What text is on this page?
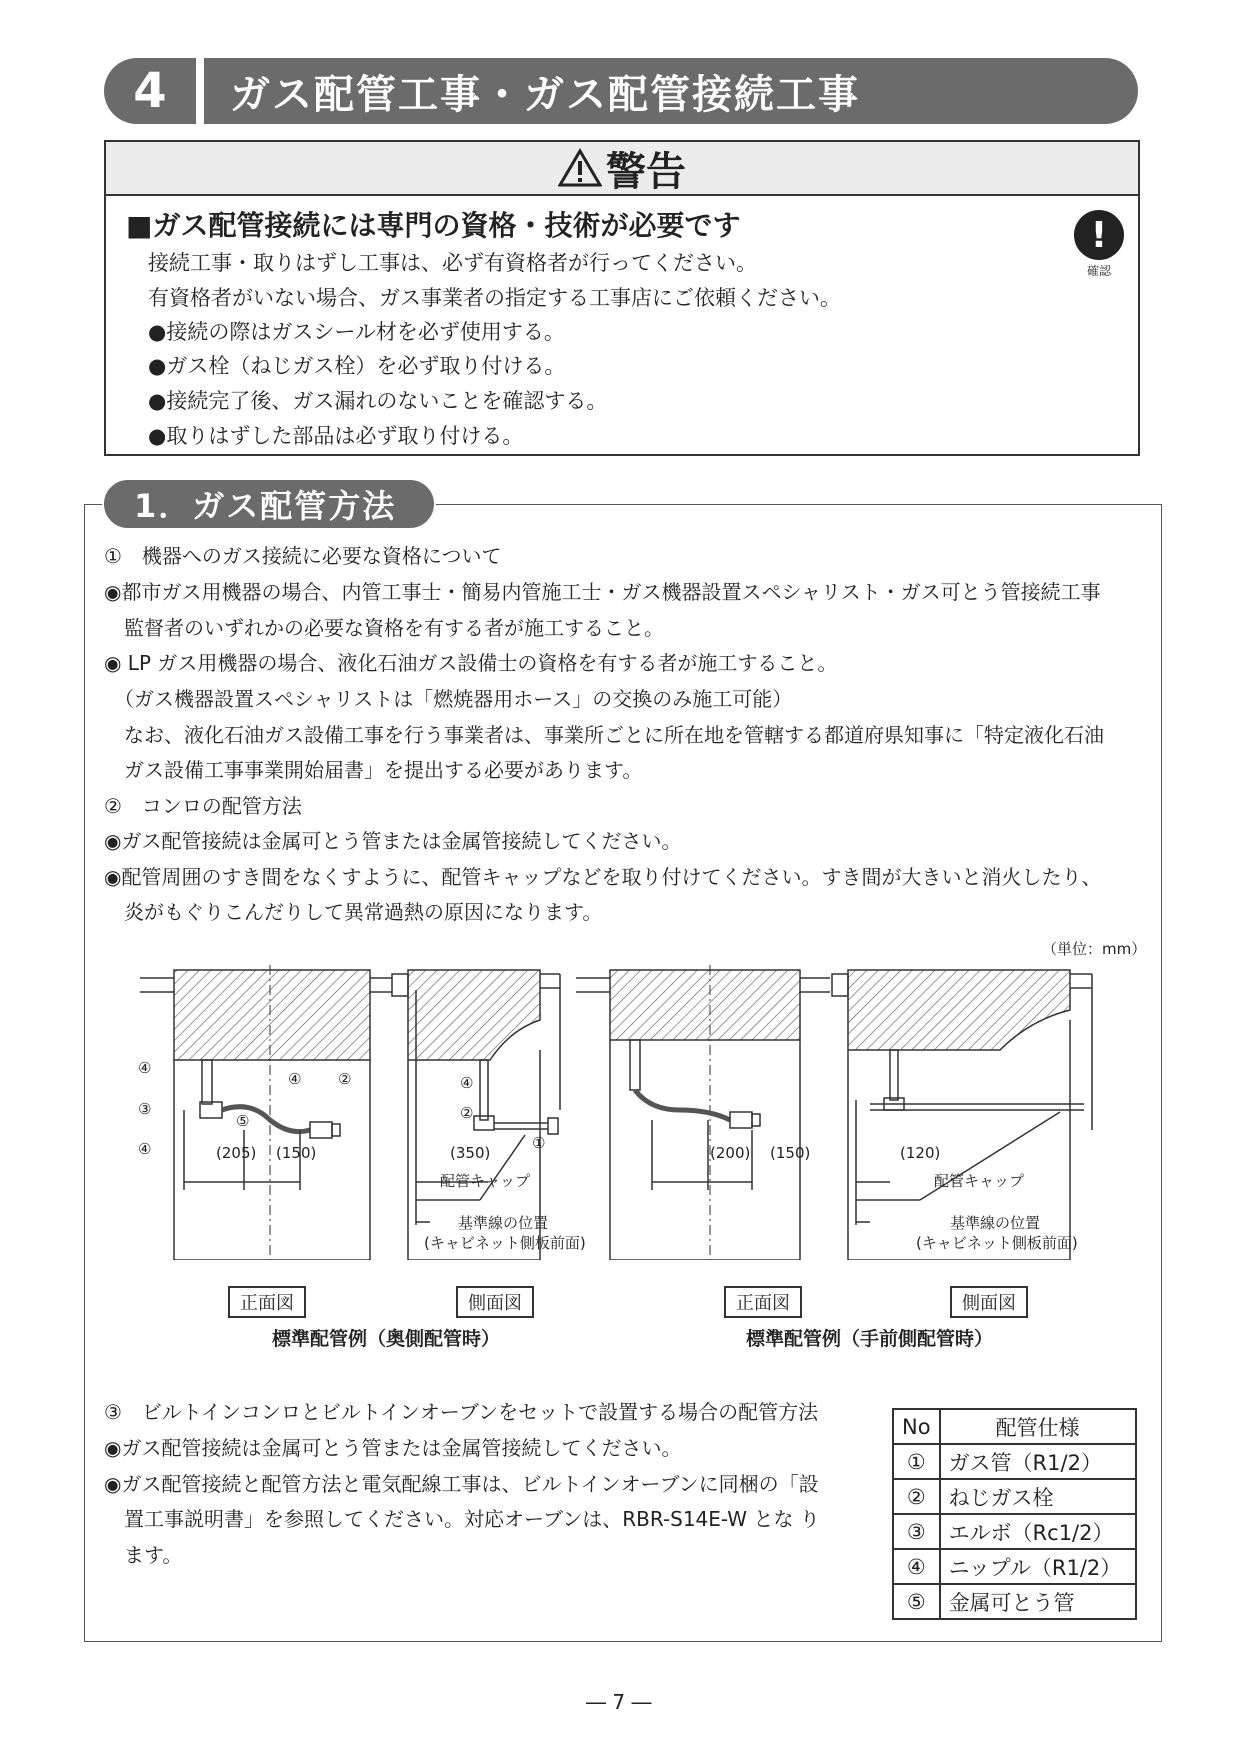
4	ガス配管工事・ガス配管接続工事
警告
■ガス配管接続には専門の資格・技術が必要です	!
確認
接続工事・取りはずし工事は、必ず有資格者が行ってください。
有資格者がいない場合、ガス事業者の指定する工事店にご依頼ください。
●接続の際はガスシール材を必ず使用する。
●ガス栓（ねじガス栓）を必ず取り付ける。
●接続完了後、ガス漏れのないことを確認する。
●取りはずした部品は必ず取り付ける。
1．ガス配管方法
①　機器へのガス接続に必要な資格について
◉都市ガス用機器の場合、内管工事士・簡易内管施工士・ガス機器設置スペシャリスト・ガス可とう管接続工事
　監督者のいずれかの必要な資格を有する者が施工すること。
◉ LP ガス用機器の場合、液化石油ガス設備士の資格を有する者が施工すること。
　（ガス機器設置スペシャリストは「燃焼器用ホース」の交換のみ施工可能）
　なお、液化石油ガス設備工事を行う事業者は、事業所ごとに所在地を管轄する都道府県知事に「特定液化石油
　ガス設備工事事業開始届書」を提出する必要があります。
②　コンロの配管方法
◉ガス配管接続は金属可とう管または金属管接続してください。
◉配管周囲のすき間をなくすように、配管キャップなどを取り付けてください。すき間が大きいと消火したり、
　炎がもぐりこんだりして異常過熱の原因になります。
（単位：mm）
④
③
④
⑤
④ ②	④
②
①
(205) (150)	(350)	(200) (150)	(120)
配管キャップ	配管キャップ
基準線の位置
(キャビネット側板前面)
基準線の位置
(キャビネット側板前面)
正面図	側面図	正面図	側面図
標準配管例（奥側配管時）	標準配管例（手前側配管時）
③　ビルトインコンロとビルトインオーブンをセットで設置する場合の配管方法
◉ガス配管接続は金属可とう管または金属管接続してください。
◉ガス配管接続と配管方法と電気配線工事は、ビルトインオーブンに同梱の「設
　置工事説明書」を参照してください。対応オーブンは、RBR-S14E-W とな り
　ます。
No	配管仕様
①	ガス管（R1/2）
②	ねじガス栓
③	エルボ（Rc1/2）
④	ニップル（R1/2）
⑤	金属可とう管
― 7 ―
